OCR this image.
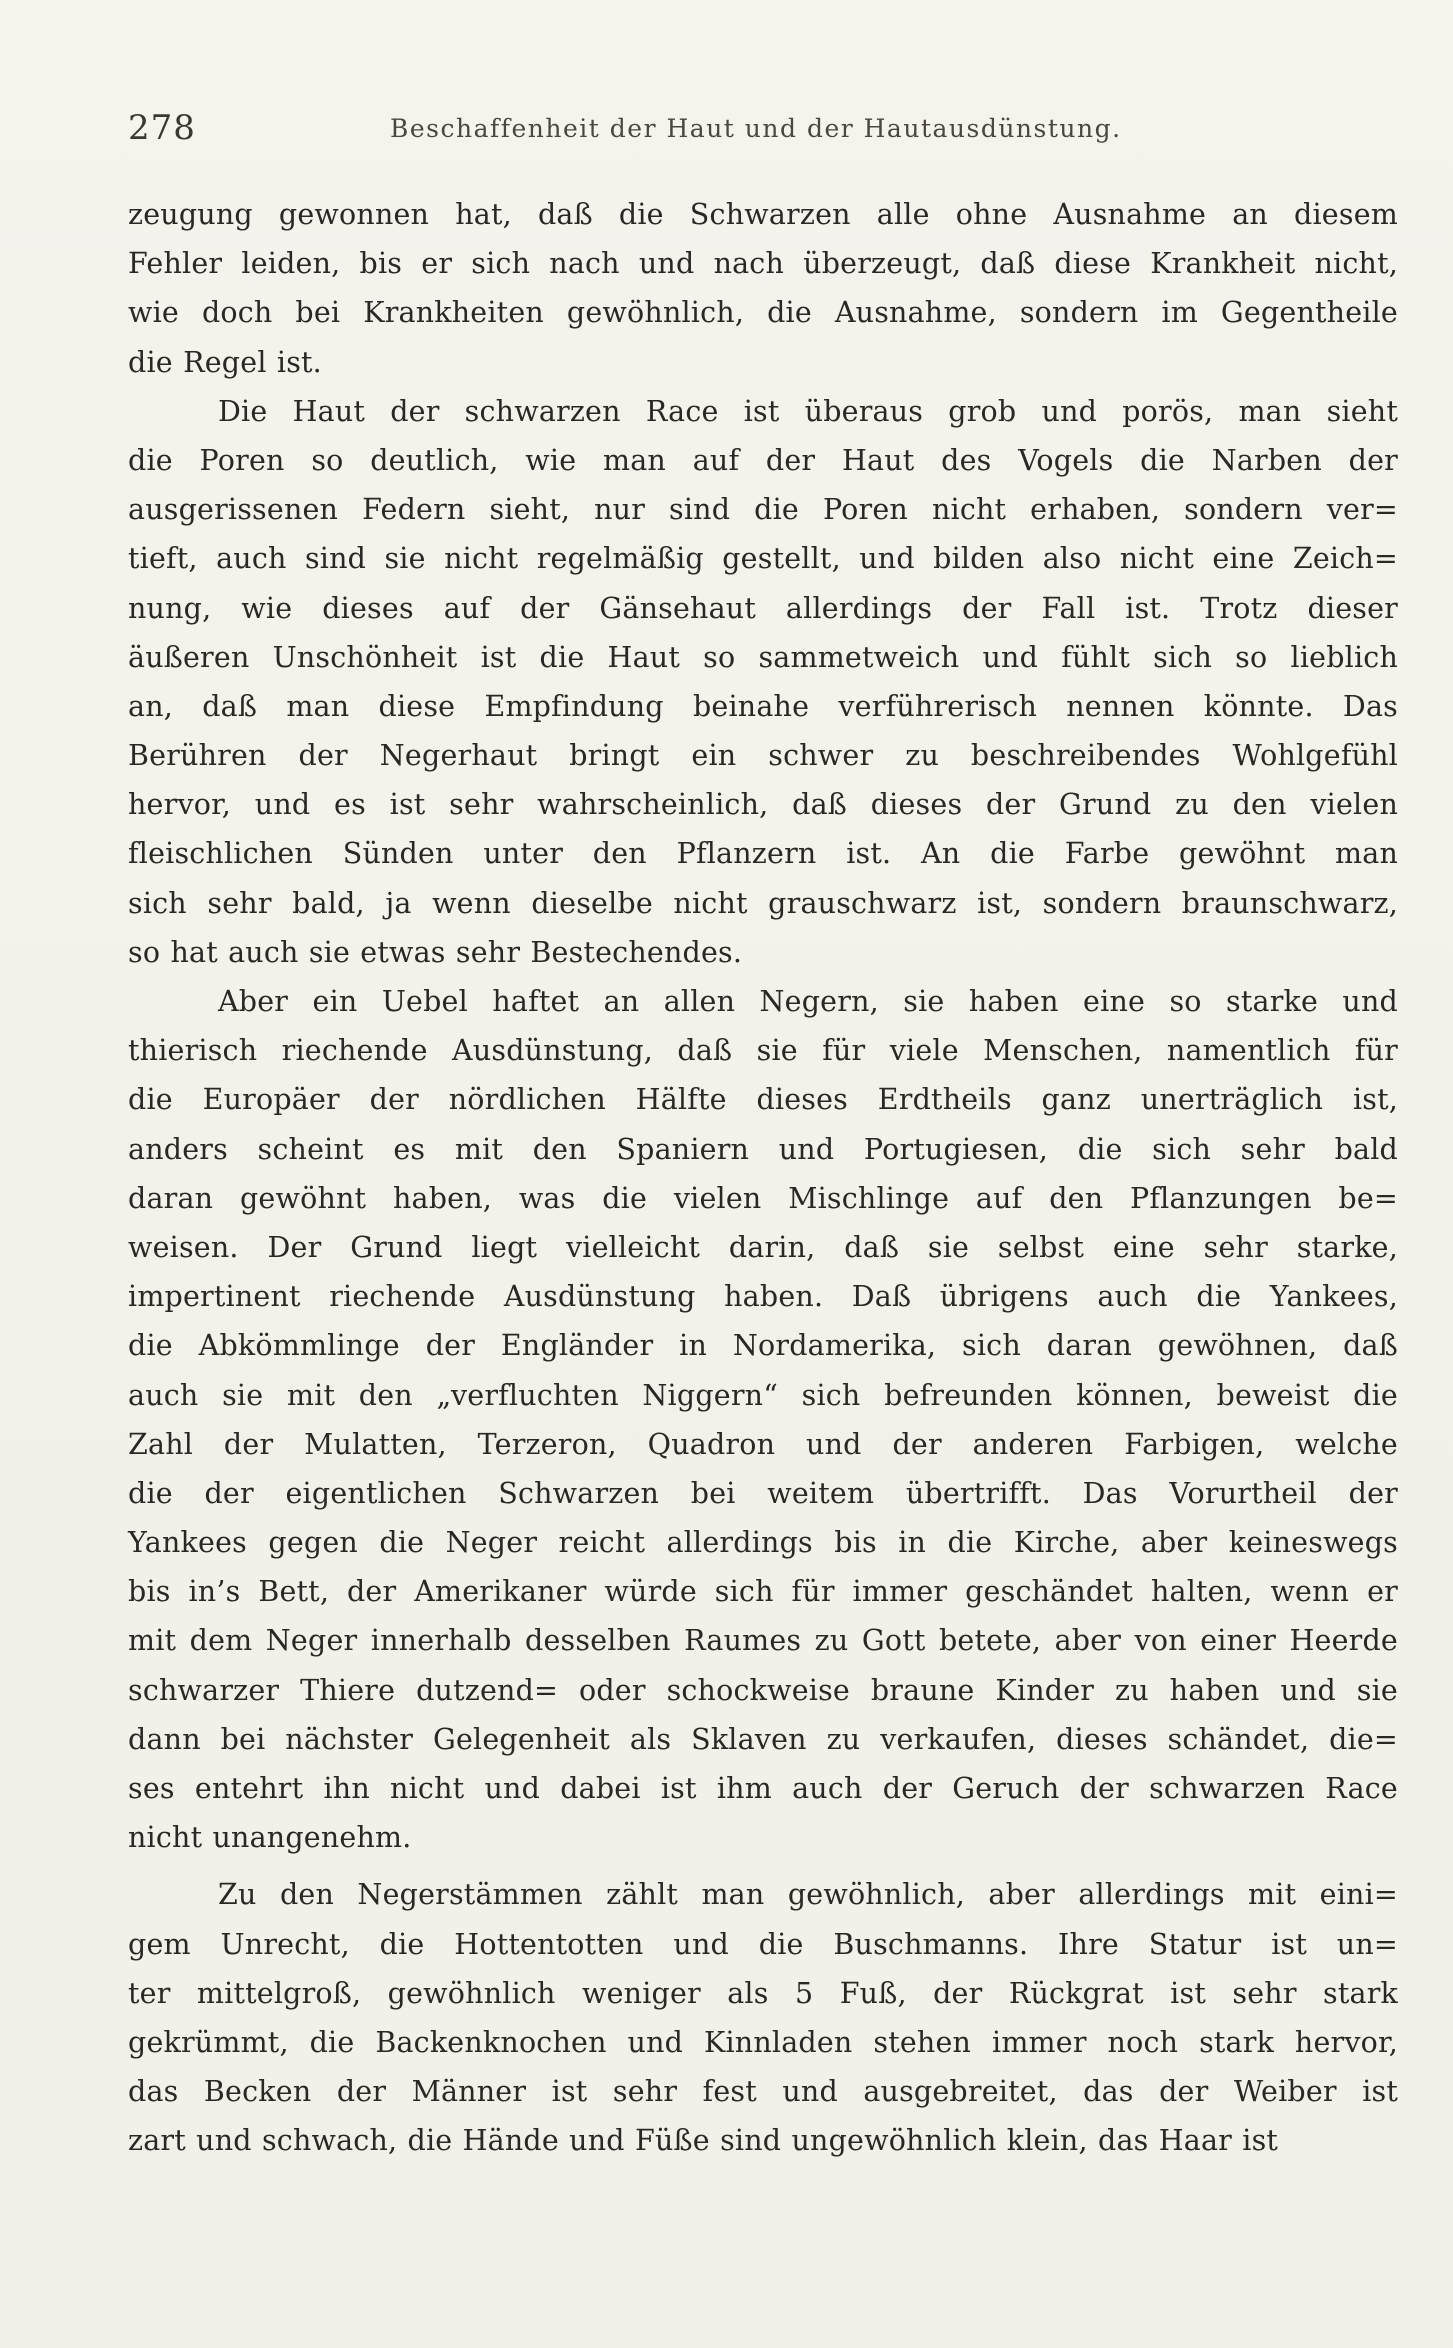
278	Beschaffenheit der Haut und der Hautausdünstung.
zeugung gewonnen hat, daß die Schwarzen alle ohne Ausnahme an diesem
Fehler leiden, bis er sich nach und nach überzeugt, daß diese Krankheit nicht,
wie doch bei Krankheiten gewöhnlich, die Ausnahme, sondern im Gegentheile
die Regel ist.
Die Haut der schwarzen Race ist überaus grob und porös, man sieht
die Poren so deutlich, wie man auf der Haut des Vogels die Narben der
ausgerissenen Federn sieht, nur sind die Poren nicht erhaben, sondern ver=
tieft, auch sind sie nicht regelmäßig gestellt, und bilden also nicht eine Zeich=
nung, wie dieses auf der Gänsehaut allerdings der Fall ist. Trotz dieser
äußeren Unschönheit ist die Haut so sammetweich und fühlt sich so lieblich
an, daß man diese Empfindung beinahe verführerisch nennen könnte. Das
Berühren der Negerhaut bringt ein schwer zu beschreibendes Wohlgefühl
hervor, und es ist sehr wahrscheinlich, daß dieses der Grund zu den vielen
fleischlichen Sünden unter den Pflanzern ist. An die Farbe gewöhnt man
sich sehr bald, ja wenn dieselbe nicht grauschwarz ist, sondern braunschwarz,
so hat auch sie etwas sehr Bestechendes.
Aber ein Uebel haftet an allen Negern, sie haben eine so starke und
thierisch riechende Ausdünstung, daß sie für viele Menschen, namentlich für
die Europäer der nördlichen Hälfte dieses Erdtheils ganz unerträglich ist,
anders scheint es mit den Spaniern und Portugiesen, die sich sehr bald
daran gewöhnt haben, was die vielen Mischlinge auf den Pflanzungen be=
weisen. Der Grund liegt vielleicht darin, daß sie selbst eine sehr starke,
impertinent riechende Ausdünstung haben. Daß übrigens auch die Yankees,
die Abkömmlinge der Engländer in Nordamerika, sich daran gewöhnen, daß
auch sie mit den „verfluchten Niggern“ sich befreunden können, beweist die
Zahl der Mulatten, Terzeron, Quadron und der anderen Farbigen, welche
die der eigentlichen Schwarzen bei weitem übertrifft. Das Vorurtheil der
Yankees gegen die Neger reicht allerdings bis in die Kirche, aber keineswegs
bis in’s Bett, der Amerikaner würde sich für immer geschändet halten, wenn er
mit dem Neger innerhalb desselben Raumes zu Gott betete, aber von einer Heerde
schwarzer Thiere dutzend= oder schockweise braune Kinder zu haben und sie
dann bei nächster Gelegenheit als Sklaven zu verkaufen, dieses schändet, die=
ses entehrt ihn nicht und dabei ist ihm auch der Geruch der schwarzen Race
nicht unangenehm.
Zu den Negerstämmen zählt man gewöhnlich, aber allerdings mit eini=
gem Unrecht, die Hottentotten und die Buschmanns. Ihre Statur ist un=
ter mittelgroß, gewöhnlich weniger als 5 Fuß, der Rückgrat ist sehr stark
gekrümmt, die Backenknochen und Kinnladen stehen immer noch stark hervor,
das Becken der Männer ist sehr fest und ausgebreitet, das der Weiber ist
zart und schwach, die Hände und Füße sind ungewöhnlich klein, das Haar ist
